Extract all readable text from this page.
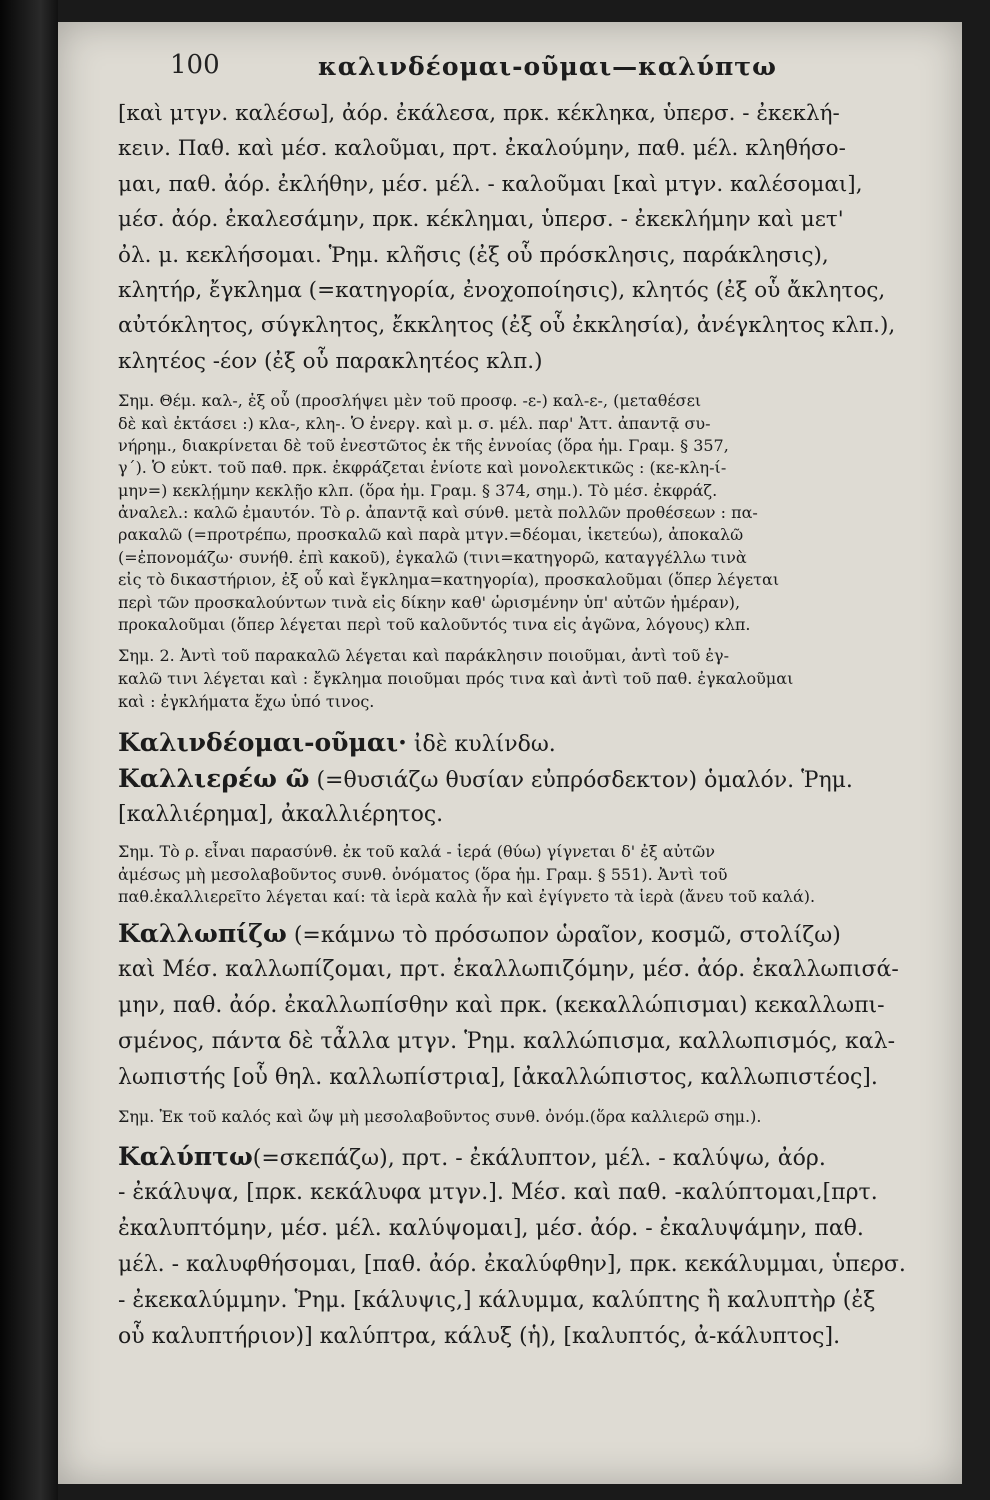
100	καλινδέομαι-οῦμαι—καλύπτω
[καὶ μτγν. καλέσω], ἀόρ. ἐκάλεσα, πρκ. κέκληκα, ὑπερσ. - ἐκεκλή-
κειν. Παθ. καὶ μέσ. καλοῦμαι, πρτ. ἐκαλούμην, παθ. μέλ. κληθήσο-
μαι, παθ. ἀόρ. ἐκλήθην, μέσ. μέλ. - καλοῦμαι [καὶ μτγν. καλέσομαι],
μέσ. ἀόρ. ἐκαλεσάμην, πρκ. κέκλημαι, ὑπερσ. - ἐκεκλήμην καὶ μετ'
ὀλ. μ. κεκλήσομαι. Ῥημ. κλῆσις (ἐξ οὗ πρόσκλησις, παράκλησις),
κλητήρ, ἔγκλημα (=κατηγορία, ἐνοχοποίησις), κλητός (ἐξ οὗ ἄκλητος,
αὐτόκλητος, σύγκλητος, ἔκκλητος (ἐξ οὗ ἐκκλησία), ἀνέγκλητος κλπ.),
κλητέος -έον (ἐξ οὗ παρακλητέος κλπ.)
Σημ. Θέμ. καλ-, ἐξ οὗ (προσλήψει μὲν τοῦ προσφ. -ε-) καλ-ε-, (μεταθέσει
δὲ καὶ ἐκτάσει :) κλα-, κλη-. Ὁ ἐνεργ. καὶ μ. σ. μέλ. παρ' Ἀττ. ἀπαντᾷ συ-
νήρημ., διακρίνεται δὲ τοῦ ἐνεστῶτος ἐκ τῆς ἐννοίας (ὅρα ἡμ. Γραμ. § 357,
γ΄). Ὁ εὐκτ. τοῦ παθ. πρκ. ἐκφράζεται ἐνίοτε καὶ μονολεκτικῶς : (κε-κλη-ί-
μην=) κεκλῄμην κεκλῇο κλπ. (ὅρα ἡμ. Γραμ. § 374, σημ.). Τὸ μέσ. ἐκφράζ.
ἀναλελ.: καλῶ ἐμαυτόν. Τὸ ρ. ἀπαντᾷ καὶ σύνθ. μετὰ πολλῶν προθέσεων : πα-
ρακαλῶ (=προτρέπω, προσκαλῶ καὶ παρὰ μτγν.=δέομαι, ἱκετεύω), ἀποκαλῶ
(=ἐπονομάζω· συνήθ. ἐπὶ κακοῦ), ἐγκαλῶ (τινι=κατηγορῶ, καταγγέλλω τινὰ
εἰς τὸ δικαστήριον, ἐξ οὗ καὶ ἔγκλημα=κατηγορία), προσκαλοῦμαι (ὅπερ λέγεται
περὶ τῶν προσκαλούντων τινὰ εἰς δίκην καθ' ὡρισμένην ὑπ' αὐτῶν ἡμέραν),
προκαλοῦμαι (ὅπερ λέγεται περὶ τοῦ καλοῦντός τινα εἰς ἀγῶνα, λόγους) κλπ.
Σημ. 2. Ἀντὶ τοῦ παρακαλῶ λέγεται καὶ παράκλησιν ποιοῦμαι, ἀντὶ τοῦ ἐγ-
καλῶ τινι λέγεται καὶ : ἔγκλημα ποιοῦμαι πρός τινα καὶ ἀντὶ τοῦ παθ. ἐγκαλοῦμαι
καὶ : ἐγκλήματα ἔχω ὑπό τινος.
Καλινδέομαι-οῦμαι· ἰδὲ κυλίνδω.
Καλλιερέω ῶ (=θυσιάζω θυσίαν εὐπρόσδεκτον) ὁμαλόν. Ῥημ.
[καλλιέρημα], ἀκαλλιέρητος.
Σημ. Τὸ ρ. εἶναι παρασύνθ. ἐκ τοῦ καλά - ἱερά (θύω) γίγνεται δ' ἐξ αὐτῶν
ἀμέσως μὴ μεσολαβοῦντος συνθ. ὀνόματος (ὅρα ἡμ. Γραμ. § 551). Ἀντὶ τοῦ
παθ.ἐκαλλιερεῖτο λέγεται καί: τὰ ἱερὰ καλὰ ἦν καὶ ἐγίγνετο τὰ ἱερὰ (ἄνευ τοῦ καλά).
Καλλωπίζω (=κάμνω τὸ πρόσωπον ὡραῖον, κοσμῶ, στολίζω)
καὶ Μέσ. καλλωπίζομαι, πρτ. ἐκαλλωπιζόμην, μέσ. ἀόρ. ἐκαλλωπισά-
μην, παθ. ἀόρ. ἐκαλλωπίσθην καὶ πρκ. (κεκαλλώπισμαι) κεκαλλωπι-
σμένος, πάντα δὲ τἆλλα μτγν. Ῥημ. καλλώπισμα, καλλωπισμός, καλ-
λωπιστής [οὗ θηλ. καλλωπίστρια], [ἀκαλλώπιστος, καλλωπιστέος].
Σημ. Ἐκ τοῦ καλός καὶ ὤψ μὴ μεσολαβοῦντος συνθ. ὀνόμ.(ὅρα καλλιερῶ σημ.).
Καλύπτω(=σκεπάζω), πρτ. - ἐκάλυπτον, μέλ. - καλύψω, ἀόρ.
- ἐκάλυψα, [πρκ. κεκάλυφα μτγν.]. Μέσ. καὶ παθ. -καλύπτομαι,[πρτ.
ἐκαλυπτόμην, μέσ. μέλ. καλύψομαι], μέσ. ἀόρ. - ἐκαλυψάμην, παθ.
μέλ. - καλυφθήσομαι, [παθ. ἀόρ. ἐκαλύφθην], πρκ. κεκάλυμμαι, ὑπερσ.
- ἐκεκαλύμμην. Ῥημ. [κάλυψις,] κάλυμμα, καλύπτης ἢ καλυπτὴρ (ἐξ
οὗ καλυπτήριον)] καλύπτρα, κάλυξ (ἡ), [καλυπτός, ἀ-κάλυπτος].
